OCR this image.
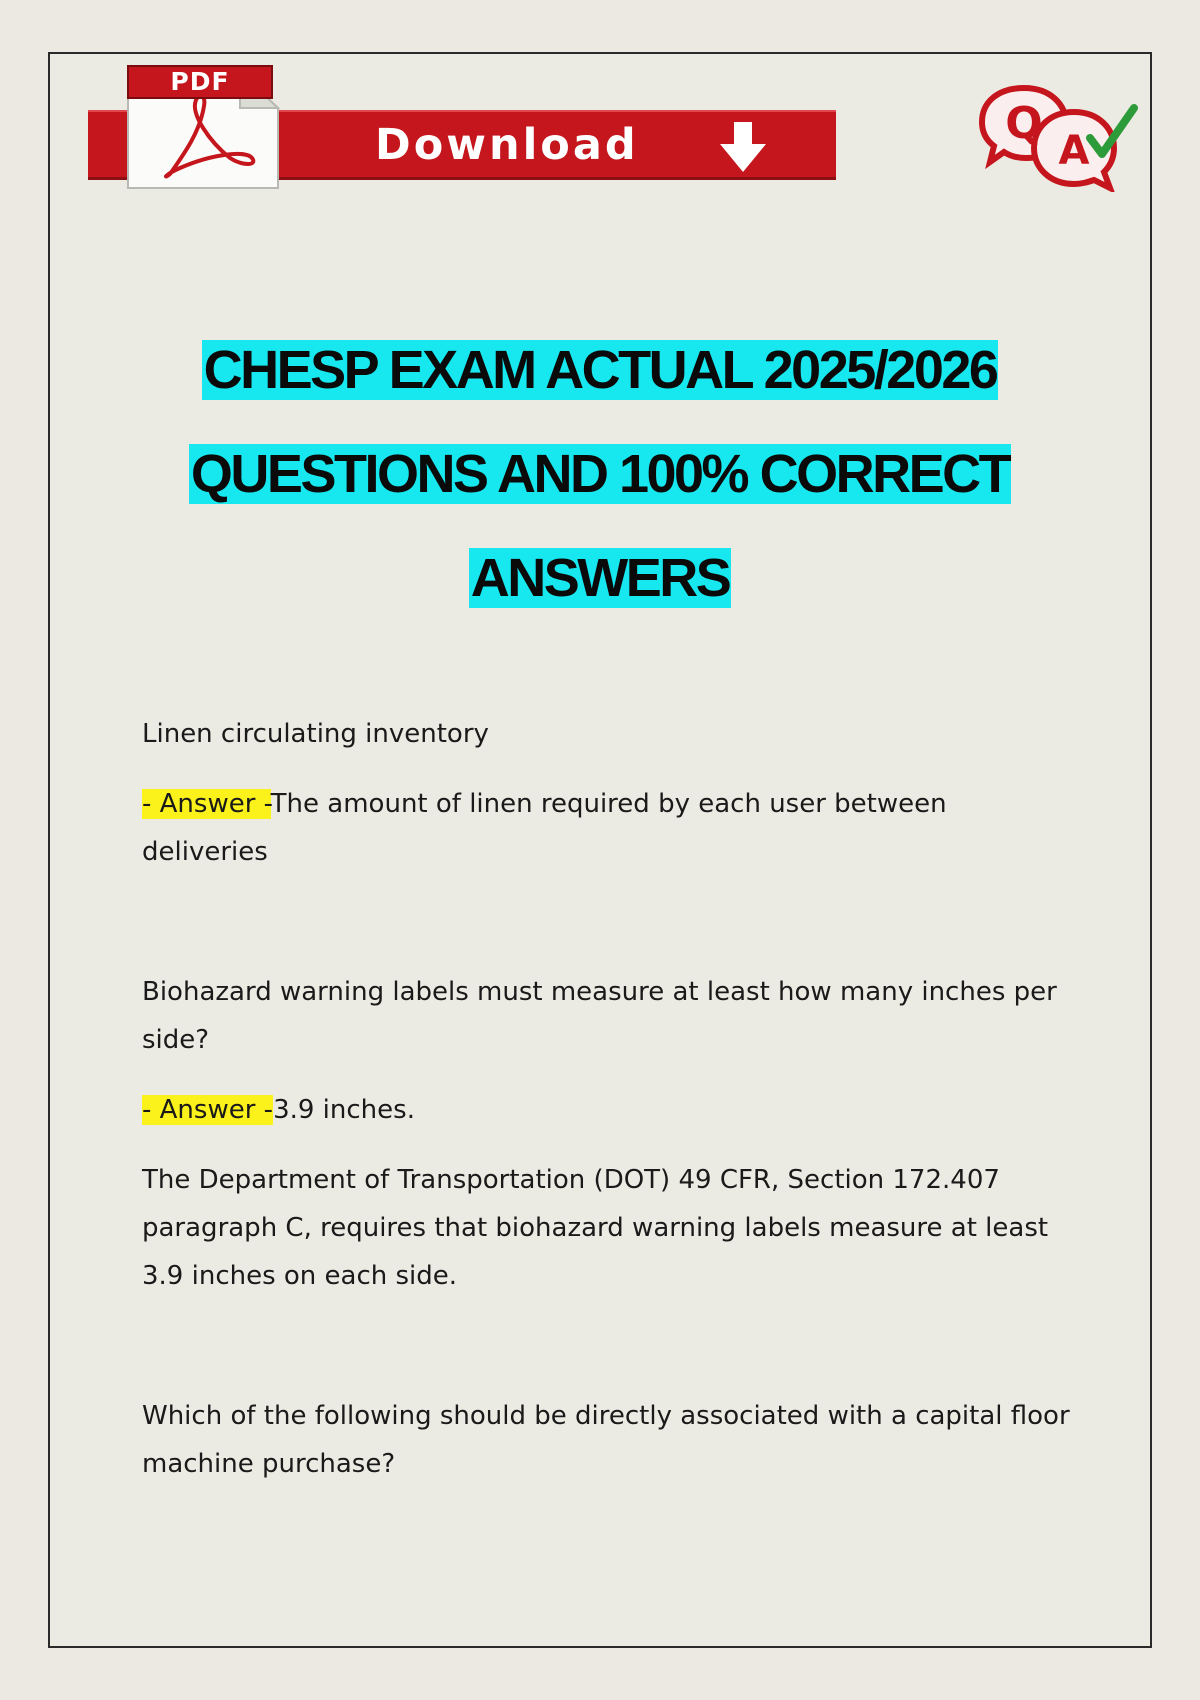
Download
PDF
Q
A
CHESP EXAM ACTUAL 2025/2026
QUESTIONS AND 100% CORRECT
ANSWERS

Linen circulating inventory

- Answer -The amount of linen required by each user between
deliveries

Biohazard warning labels must measure at least how many inches per
side?

- Answer -3.9 inches.

The Department of Transportation (DOT) 49 CFR, Section 172.407
paragraph C, requires that biohazard warning labels measure at least
3.9 inches on each side.

Which of the following should be directly associated with a capital floor
machine purchase?
